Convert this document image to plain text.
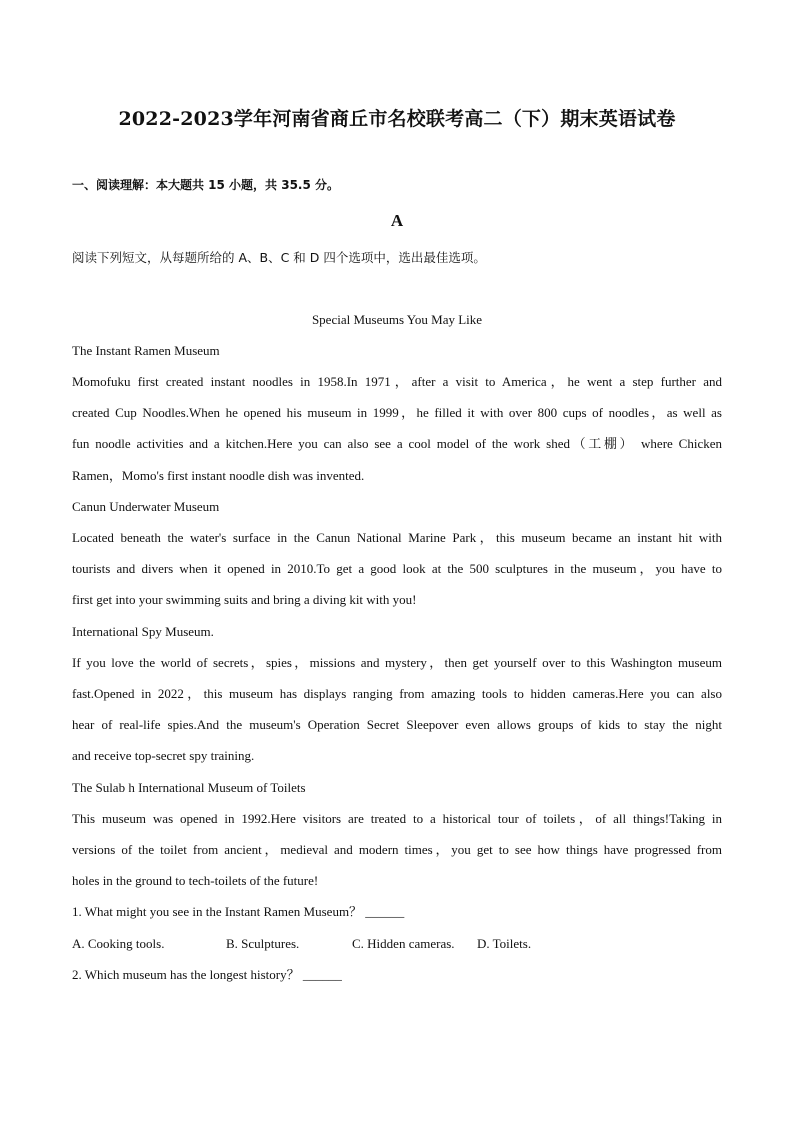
2022-2023学年河南省商丘市名校联考高二（下）期末英语试卷
一、阅读理解：本大题共 15 小题，共 35.5 分。
A
阅读下列短文，从每题所给的 A、B、C 和 D 四个选项中，选出最佳选项。
Special Museums You May Like
The Instant Ramen Museum
Momofuku first created instant noodles in 1958.In 1971，after a visit to America，he went a step further and
created Cup Noodles.When he opened his museum in 1999，he filled it with over 800 cups of noodles，as well as
fun noodle activities and a kitchen.Here you can also see a cool model of the work shed（工棚） where Chicken
Ramen，Momo's first instant noodle dish was invented.
Canun Underwater Museum
Located beneath the water's surface in the Canun National Marine Park，this museum became an instant hit with
tourists and divers when it opened in 2010.To get a good look at the 500 sculptures in the museum，you have to
first get into your swimming suits and bring a diving kit with you!
International Spy Museum.
If you love the world of secrets，spies，missions and mystery，then get yourself over to this Washington museum
fast.Opened in 2022，this museum has displays ranging from amazing tools to hidden cameras.Here you can also
hear of real-life spies.And the museum's Operation Secret Sleepover even allows groups of kids to stay the night
and receive top-secret spy training.
The Sulab h International Museum of Toilets
This museum was opened in 1992.Here visitors are treated to a historical tour of toilets，of all things!Taking in
versions of the toilet from ancient，medieval and modern times，you get to see how things have progressed from
holes in the ground to tech-toilets of the future!
1. What might you see in the Instant Ramen Museum？ ______
A. Cooking tools.	B. Sculptures.	C. Hidden cameras. D. Toilets.
2. Which museum has the longest history？ ______
